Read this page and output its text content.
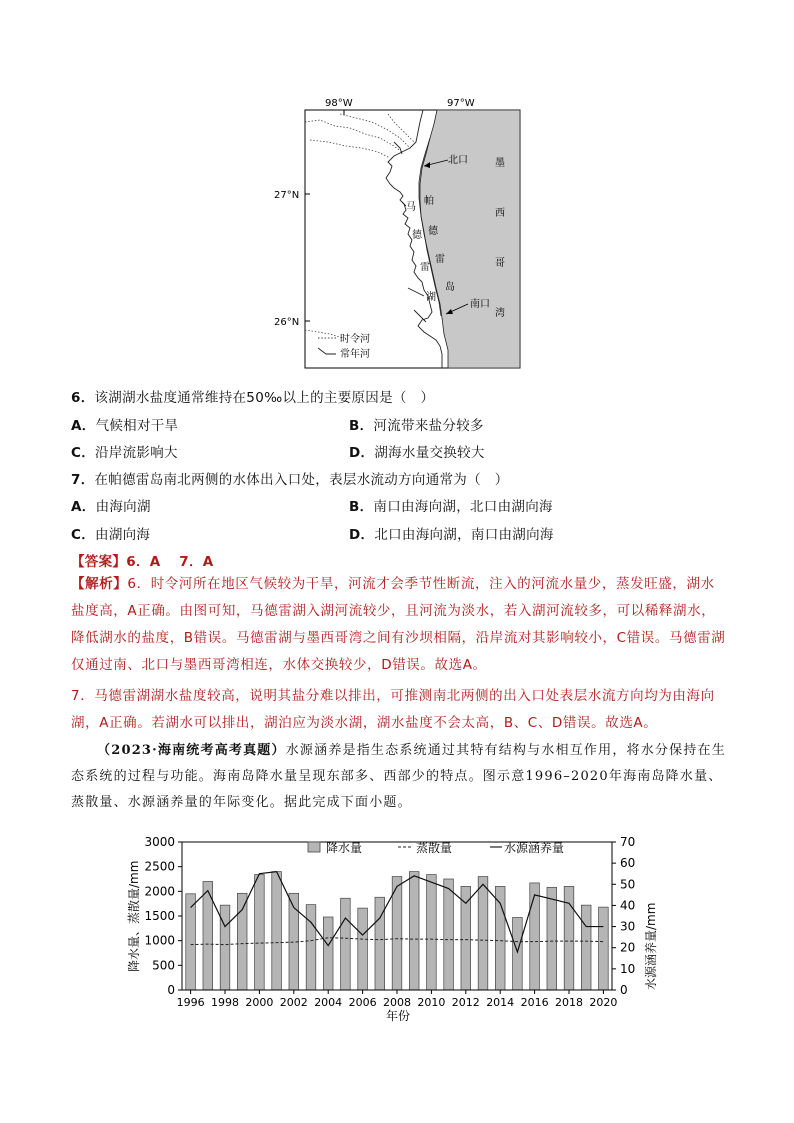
98°W	97°W
27°N
26°N
北口
南口
墨
西
哥
湾
帕
德
雷
岛
马
德
雷
湖
时令河
常年河
6．该湖湖水盐度通常维持在50‰以上的主要原因是（　）
A．气候相对干旱	B．河流带来盐分较多
C．沿岸流影响大	D．湖海水量交换较大
7．在帕德雷岛南北两侧的水体出入口处，表层水流动方向通常为（　）
A．由海向湖	B．南口由海向湖，北口由湖向海
C．由湖向海	D．北口由海向湖，南口由湖向海
【答案】6．A　 7．A
【解析】6．时令河所在地区气候较为干旱，河流才会季节性断流，注入的河流水量少，蒸发旺盛，湖水盐度高，A正确。由图可知，马德雷湖入湖河流较少，且河流为淡水，若入湖河流较多，可以稀释湖水，降低湖水的盐度，B错误。马德雷湖与墨西哥湾之间有沙坝相隔，沿岸流对其影响较小，C错误。马德雷湖仅通过南、北口与墨西哥湾相连，水体交换较少，D错误。故选A。
7．马德雷湖湖水盐度较高，说明其盐分难以排出，可推测南北两侧的出入口处表层水流方向均为由海向湖，A正确。若湖水可以排出，湖泊应为淡水湖，湖水盐度不会太高，B、C、D错误。故选A。
（2023·海南统考高考真题）水源涵养是指生态系统通过其特有结构与水相互作用，将水分保持在生态系统的过程与功能。海南岛降水量呈现东部多、西部少的特点。图示意1996–2020年海南岛降水量、蒸散量、水源涵养量的年际变化。据此完成下面小题。
0
500
1000
1500
2000
2500
3000
0
10
20
30
40
50
60
70
1996 1998 2000 2002 2004 2006 2008 2010 2012 2014 2016 2018 2020
降水量	蒸散量	水源涵养量
降水量、蒸散量/mm	水源涵养量/mm
年份
